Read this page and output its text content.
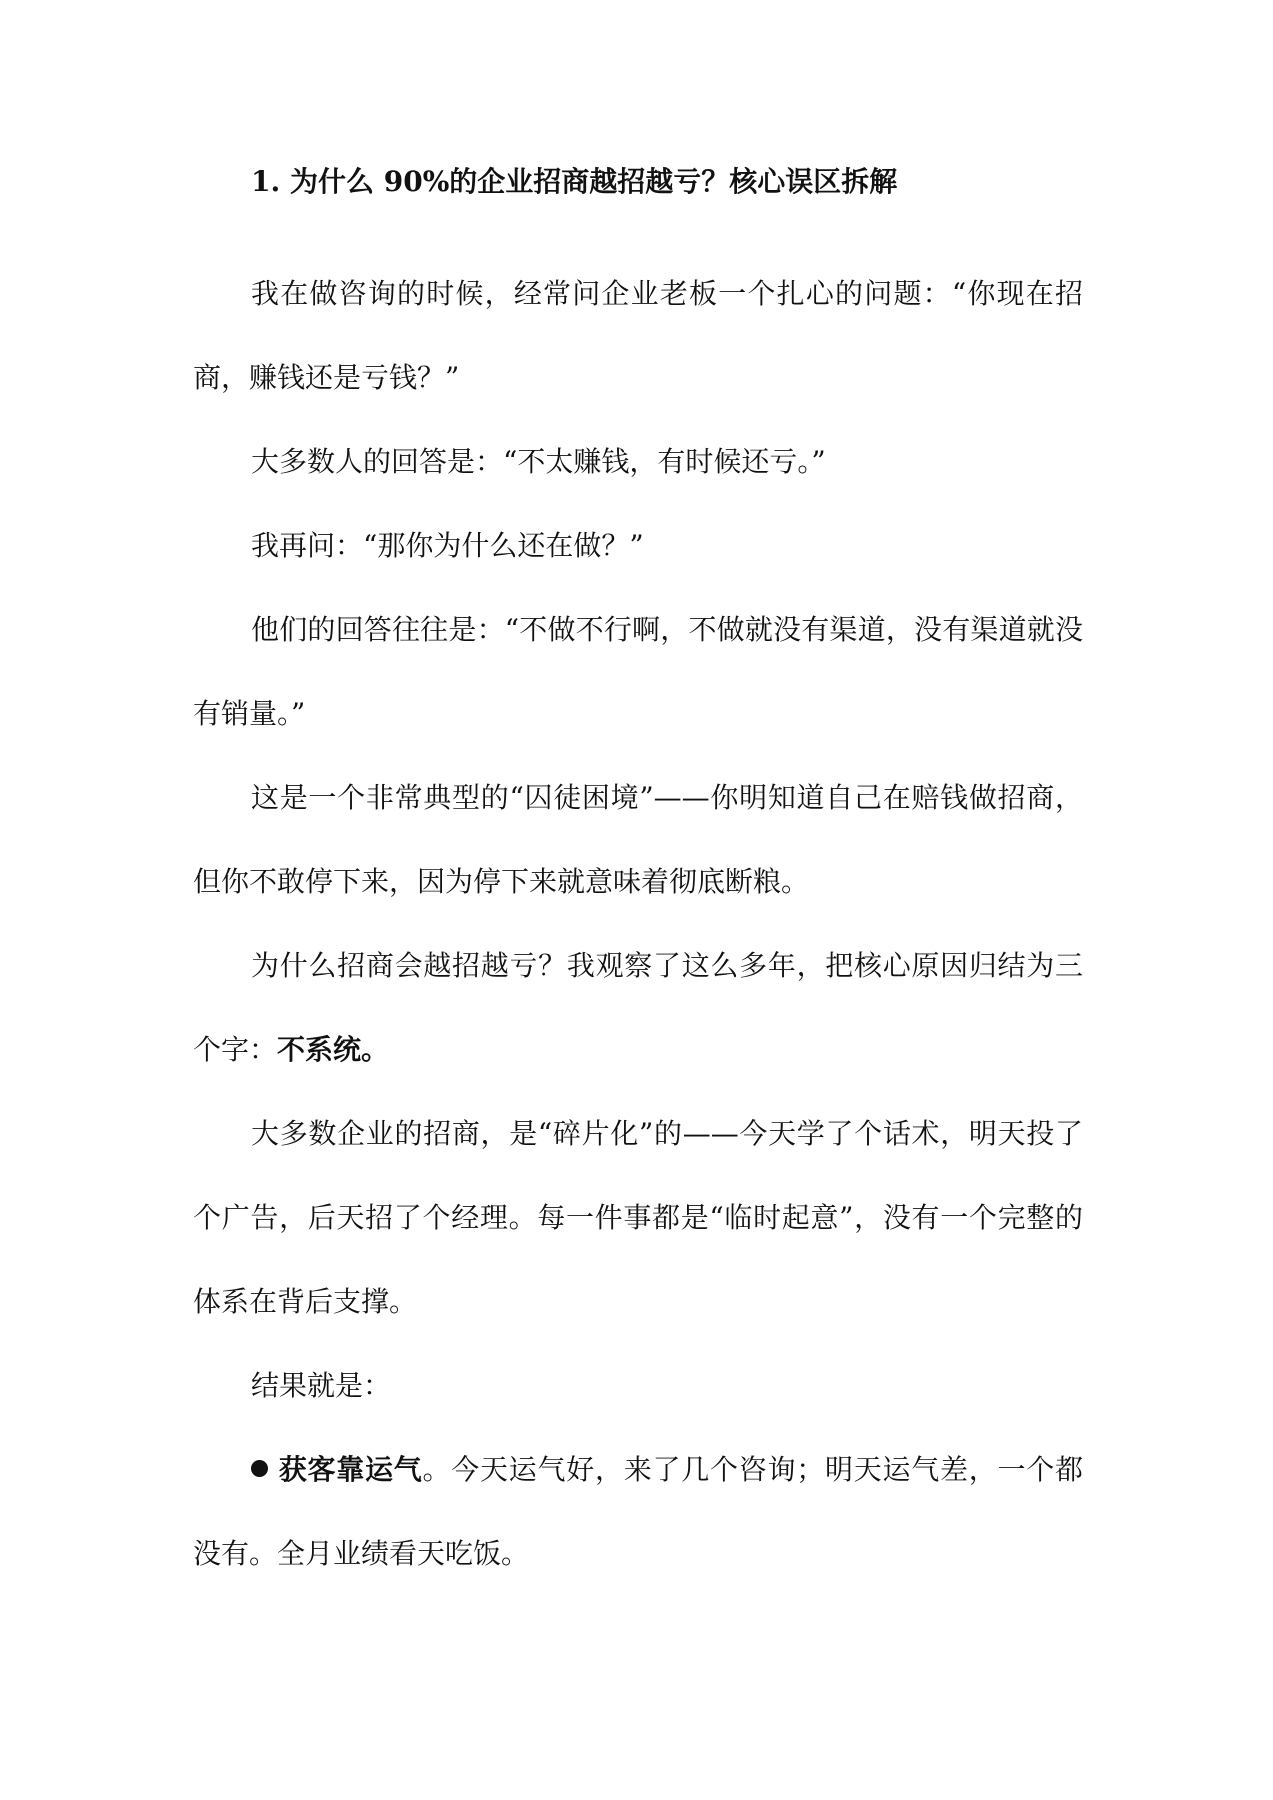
1. 为什么 90%的企业招商越招越亏？核心误区拆解

我在做咨询的时候，经常问企业老板一个扎心的问题：“你现在招商，赚钱还是亏钱？”

大多数人的回答是：“不太赚钱，有时候还亏。”

我再问：“那你为什么还在做？”

他们的回答往往是：“不做不行啊，不做就没有渠道，没有渠道就没有销量。”

这是一个非常典型的“囚徒困境”——你明知道自己在赔钱做招商，但你不敢停下来，因为停下来就意味着彻底断粮。

为什么招商会越招越亏？我观察了这么多年，把核心原因归结为三个字：不系统。

大多数企业的招商，是“碎片化”的——今天学了个话术，明天投了个广告，后天招了个经理。每一件事都是“临时起意”，没有一个完整的体系在背后支撑。

结果就是：

获客靠运气。今天运气好，来了几个咨询；明天运气差，一个都没有。全月业绩看天吃饭。
